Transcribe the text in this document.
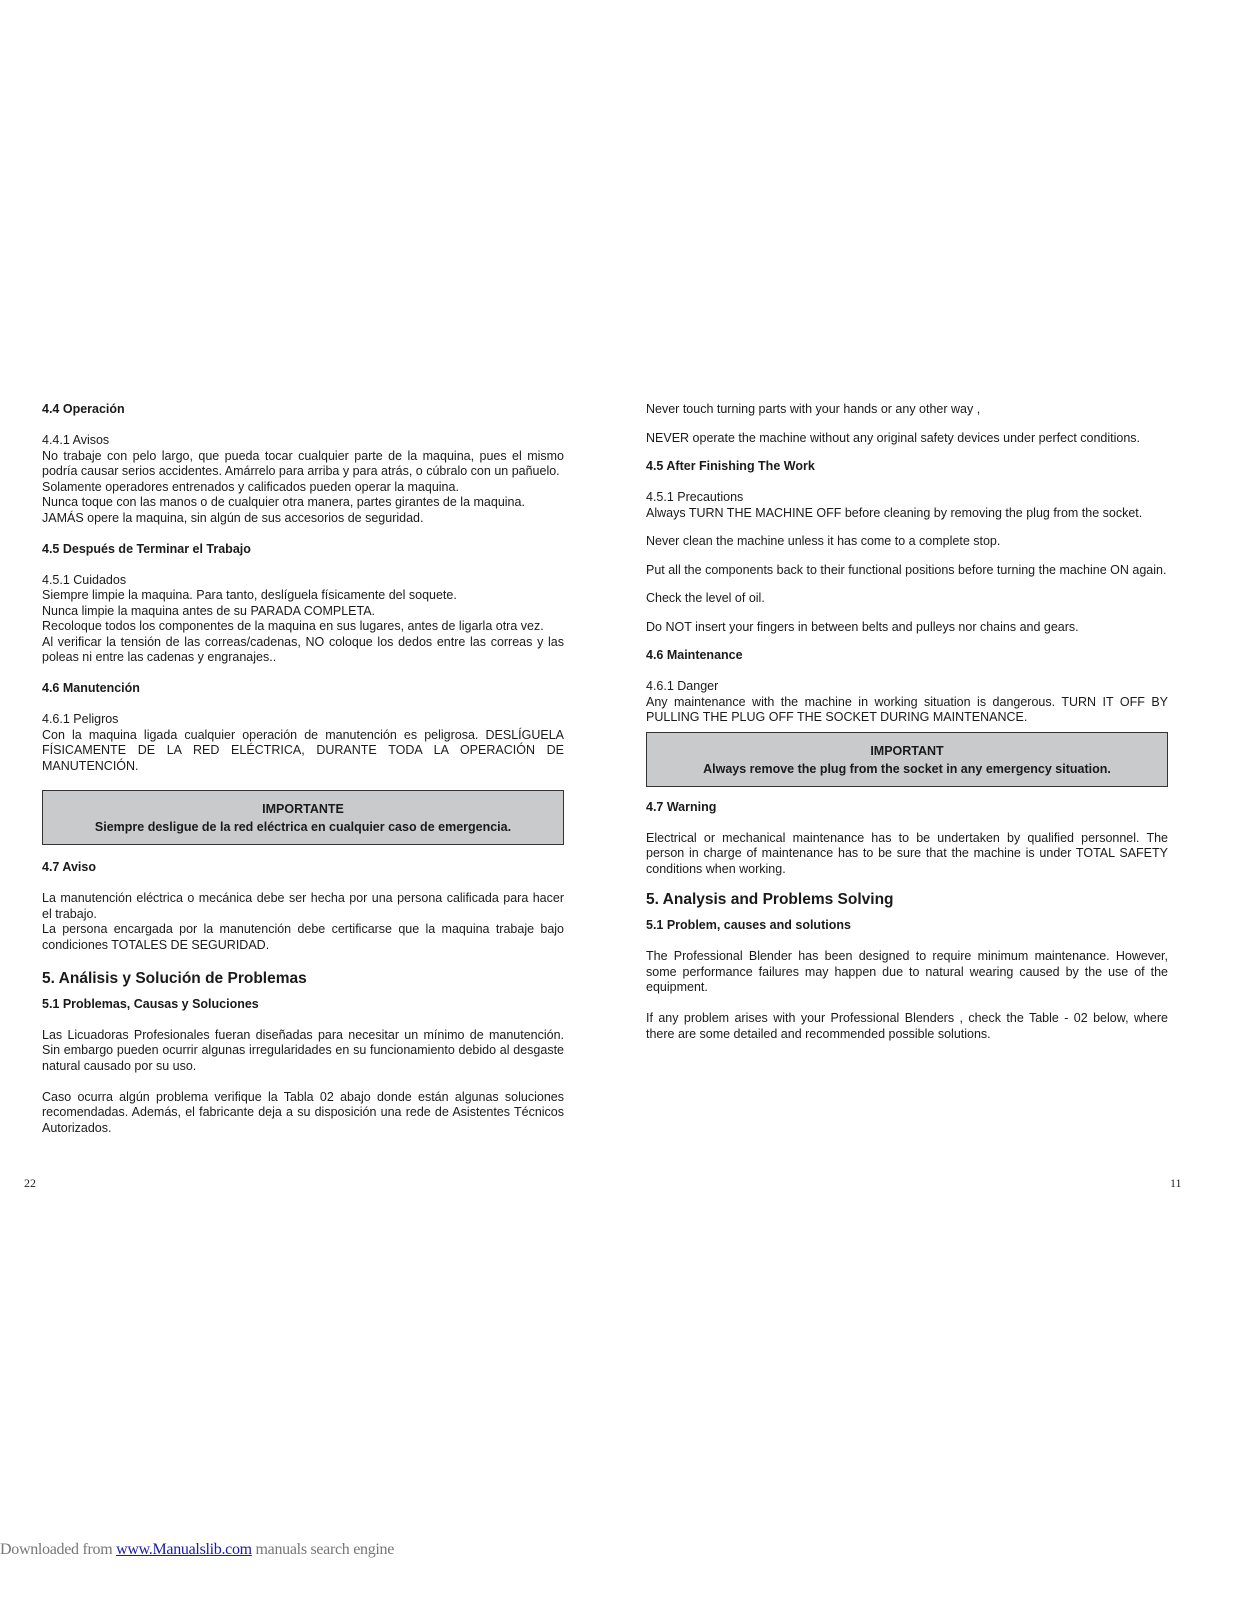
4.4 Operación

4.4.1 Avisos

No trabaje con pelo largo, que pueda tocar cualquier parte de la maquina, pues el mismo podría causar serios accidentes. Amárrelo para arriba y para atrás, o cúbralo con un pañuelo.

Solamente operadores entrenados y calificados pueden operar la maquina.

Nunca toque con las manos o de cualquier otra manera, partes girantes de la maquina.

JAMÁS opere la maquina, sin algún de sus accesorios de seguridad.

4.5 Después de Terminar el Trabajo

4.5.1 Cuidados

Siempre limpie la maquina. Para tanto, deslíguela físicamente del soquete.

Nunca limpie la maquina antes de su PARADA COMPLETA.

Recoloque todos los componentes de la maquina en sus lugares, antes de ligarla otra vez.

Al verificar la tensión de las correas/cadenas, NO coloque los dedos entre las correas y las poleas ni entre las cadenas y engranajes..

4.6 Manutención

4.6.1 Peligros

Con la maquina ligada cualquier operación de manutención es peligrosa. DESLÍGUELA FÍSICAMENTE DE LA RED ELÉCTRICA, DURANTE TODA LA OPERACIÓN DE MANUTENCIÓN.

IMPORTANTE
Siempre desligue de la red eléctrica en cualquier caso de emergencia.

4.7 Aviso

La manutención eléctrica o mecánica debe ser hecha por una persona calificada para hacer el trabajo.

La persona encargada por la manutención debe certificarse que la maquina trabaje bajo condiciones TOTALES DE SEGURIDAD.

5. Análisis y Solución de Problemas

5.1 Problemas, Causas y Soluciones

Las Licuadoras Profesionales fueran diseñadas para necesitar un mínimo de manutención. Sin embargo pueden ocurrir algunas irregularidades en su funcionamiento debido al desgaste natural causado por su uso.

Caso ocurra algún problema verifique la Tabla 02 abajo donde están algunas soluciones recomendadas. Además, el fabricante deja a su disposición una rede de Asistentes Técnicos Autorizados.

Never touch turning parts with your hands or any other way ,

NEVER operate the machine without any original safety devices under perfect conditions.

4.5 After Finishing The Work

4.5.1 Precautions

Always TURN THE MACHINE OFF before cleaning by removing the plug from the socket.

Never clean the machine unless it has come to a complete stop.

Put all the components back to their functional positions before turning the machine ON again.

Check the level of oil.

Do NOT insert your fingers in between belts and pulleys nor chains and gears.

4.6 Maintenance

4.6.1 Danger

Any maintenance with the machine in working situation is dangerous. TURN IT OFF BY PULLING THE PLUG OFF THE SOCKET DURING MAINTENANCE.

IMPORTANT
Always remove the plug from the socket in any emergency situation.

4.7 Warning

Electrical or mechanical maintenance has to be undertaken by qualified personnel. The person in charge of maintenance has to be sure that the machine is under TOTAL SAFETY conditions when working.

5. Analysis and Problems Solving

5.1 Problem, causes and solutions

The Professional Blender has been designed to require minimum maintenance. However, some performance failures may happen due to natural wearing caused by the use of the equipment.

If any problem arises with your Professional Blenders , check the Table - 02 below, where there are some detailed and recommended possible solutions.

22	11
Downloaded from www.Manualslib.com manuals search engine
